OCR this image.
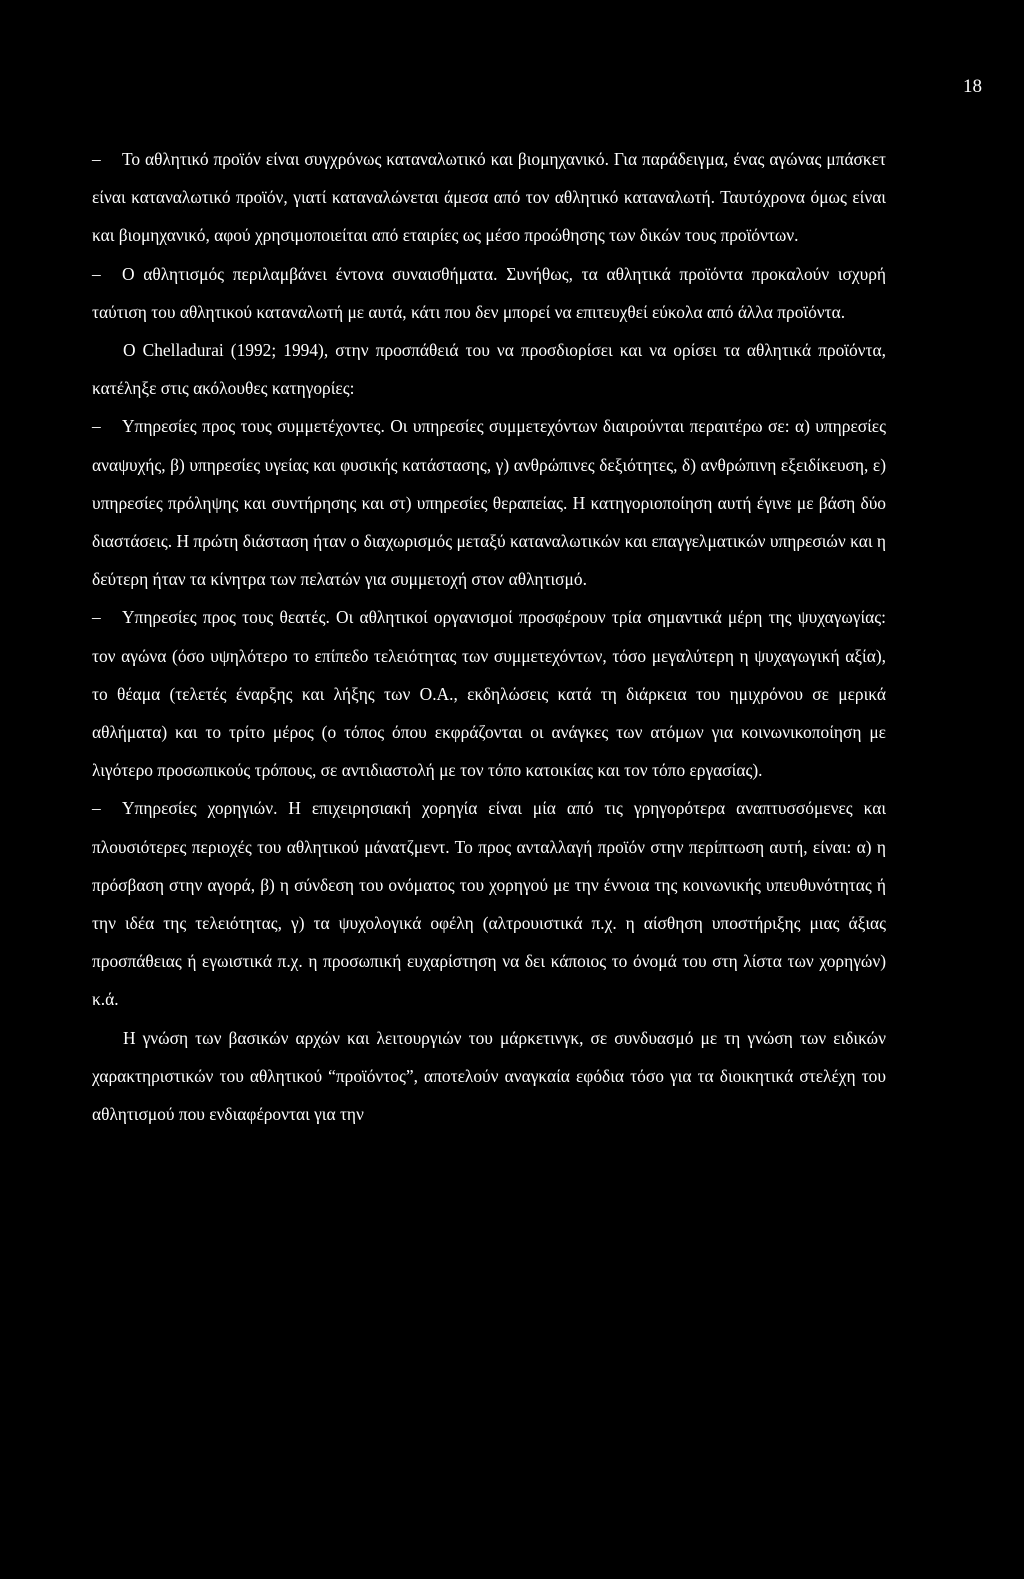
18

– Το αθλητικό προϊόν είναι συγχρόνως καταναλωτικό και βιομηχανικό. Για παράδειγμα, ένας αγώνας μπάσκετ είναι καταναλωτικό προϊόν, γιατί καταναλώνεται άμεσα από τον αθλητικό καταναλωτή. Ταυτόχρονα όμως είναι και βιομηχανικό, αφού χρησιμοποιείται από εταιρίες ως μέσο προώθησης των δικών τους προϊόντων.

– Ο αθλητισμός περιλαμβάνει έντονα συναισθήματα. Συνήθως, τα αθλητικά προϊόντα προκαλούν ισχυρή ταύτιση του αθλητικού καταναλωτή με αυτά, κάτι που δεν μπορεί να επιτευχθεί εύκολα από άλλα προϊόντα.

Ο Chelladurai (1992; 1994), στην προσπάθειά του να προσδιορίσει και να ορίσει τα αθλητικά προϊόντα, κατέληξε στις ακόλουθες κατηγορίες:

– Υπηρεσίες προς τους συμμετέχοντες. Οι υπηρεσίες συμμετεχόντων διαιρούνται περαιτέρω σε: α) υπηρεσίες αναψυχής, β) υπηρεσίες υγείας και φυσικής κατάστασης, γ) ανθρώπινες δεξιότητες, δ) ανθρώπινη εξειδίκευση, ε) υπηρεσίες πρόληψης και συντήρησης και στ) υπηρεσίες θεραπείας. Η κατηγοριοποίηση αυτή έγινε με βάση δύο διαστάσεις. Η πρώτη διάσταση ήταν ο διαχωρισμός μεταξύ καταναλωτικών και επαγγελματικών υπηρεσιών και η δεύτερη ήταν τα κίνητρα των πελατών για συμμετοχή στον αθλητισμό.

– Υπηρεσίες προς τους θεατές. Οι αθλητικοί οργανισμοί προσφέρουν τρία σημαντικά μέρη της ψυχαγωγίας: τον αγώνα (όσο υψηλότερο το επίπεδο τελειότητας των συμμετεχόντων, τόσο μεγαλύτερη η ψυχαγωγική αξία), το θέαμα (τελετές έναρξης και λήξης των Ο.Α., εκδηλώσεις κατά τη διάρκεια του ημιχρόνου σε μερικά αθλήματα) και το τρίτο μέρος (ο τόπος όπου εκφράζονται οι ανάγκες των ατόμων για κοινωνικοποίηση με λιγότερο προσωπικούς τρόπους, σε αντιδιαστολή με τον τόπο κατοικίας και τον τόπο εργασίας).

– Υπηρεσίες χορηγιών. Η επιχειρησιακή χορηγία είναι μία από τις γρηγορότερα αναπτυσσόμενες και πλουσιότερες περιοχές του αθλητικού μάνατζμεντ. Το προς ανταλλαγή προϊόν στην περίπτωση αυτή, είναι: α) η πρόσβαση στην αγορά, β) η σύνδεση του ονόματος του χορηγού με την έννοια της κοινωνικής υπευθυνότητας ή την ιδέα της τελειότητας, γ) τα ψυχολογικά οφέλη (αλτρουιστικά π.χ. η αίσθηση υποστήριξης μιας άξιας προσπάθειας ή εγωιστικά π.χ. η προσωπική ευχαρίστηση να δει κάποιος το όνομά του στη λίστα των χορηγών) κ.ά.

Η γνώση των βασικών αρχών και λειτουργιών του μάρκετινγκ, σε συνδυασμό με τη γνώση των ειδικών χαρακτηριστικών του αθλητικού “προϊόντος”, αποτελούν αναγκαία εφόδια τόσο για τα διοικητικά στελέχη του αθλητισμού που ενδιαφέρονται για την
